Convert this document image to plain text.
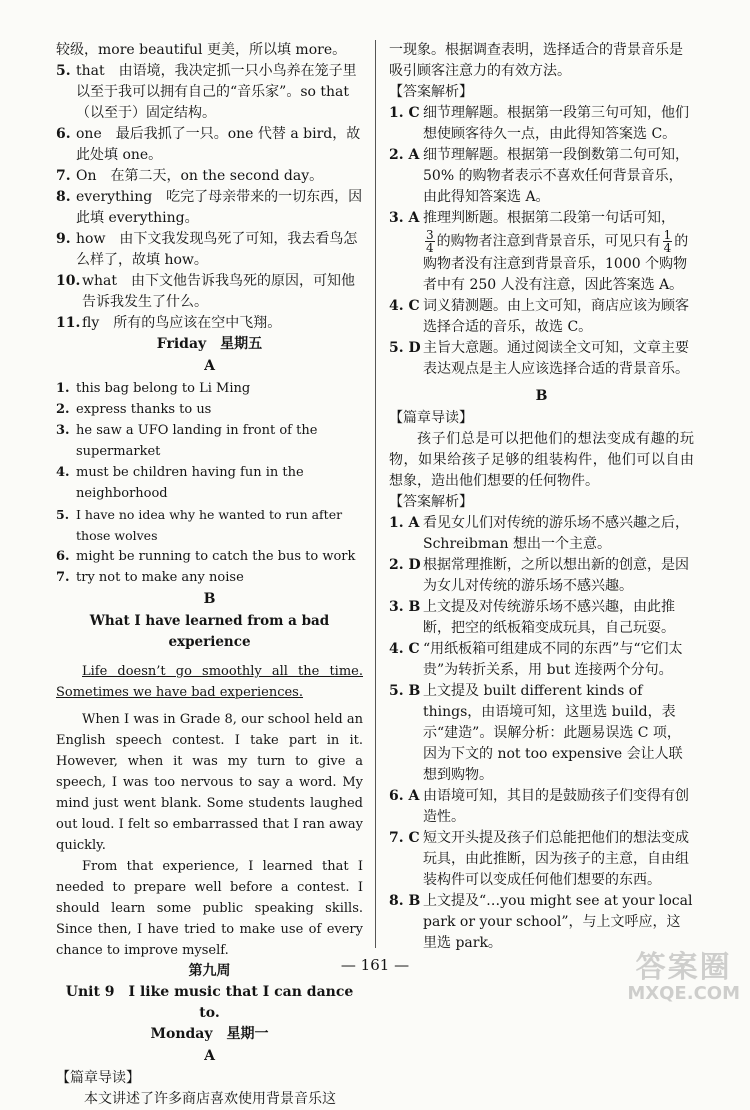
较级，more beautiful 更美，所以填 more。
5. that　由语境，我决定抓一只小鸟养在笼子里以至于我可以拥有自己的“音乐家”。so that（以至于）固定结构。
6. one　最后我抓了一只。one 代替 a bird，故此处填 one。
7. On　在第二天，on the second day。
8. everything　吃完了母亲带来的一切东西，因此填 everything。
9. how　由下文我发现鸟死了可知，我去看鸟怎么样了，故填 how。
10. what　由下文他告诉我鸟死的原因，可知他告诉我发生了什么。
11. fly　所有的鸟应该在空中飞翔。
Friday　星期五
A
1. this bag belong to Li Ming
2. express thanks to us
3. he saw a UFO landing in front of the supermarket
4. must be children having fun in the neighborhood
5. I have no idea why he wanted to run after those wolves
6. might be running to catch the bus to work
7. try not to make any noise
B
What I have learned from a bad experience
Life doesn’t go smoothly all the time. Sometimes we have bad experiences.
When I was in Grade 8, our school held an English speech contest. I take part in it. However, when it was my turn to give a speech, I was too nervous to say a word. My mind just went blank. Some students laughed out loud. I felt so embarrassed that I ran away quickly.
From that experience, I learned that I needed to prepare well before a contest. I should learn some public speaking skills. Since then, I have tried to make use of every chance to improve myself.
第九周
Unit 9　I like music that I can dance to.
Monday　星期一
A
【篇章导读】
本文讲述了许多商店喜欢使用背景音乐这
一现象。根据调查表明，选择适合的背景音乐是吸引顾客注意力的有效方法。
【答案解析】
1. C 细节理解题。根据第一段第三句可知，他们想使顾客待久一点，由此得知答案选 C。
2. A 细节理解题。根据第一段倒数第二句可知，50% 的购物者表示不喜欢任何背景音乐，由此得知答案选 A。
3. A 推理判断题。根据第二段第一句话可知，

$\frac{3}{4}$ 的购物者注意到背景音乐，可见只有 $\frac{1}{4}$ 的购物者没有注意到背景音乐，1000 个购物者中有 250 人没有注意，因此答案选 A。
4. C 词义猜测题。由上文可知，商店应该为顾客选择合适的音乐，故选 C。
5. D 主旨大意题。通过阅读全文可知，文章主要表达观点是主人应该选择合适的背景音乐。
B
【篇章导读】
孩子们总是可以把他们的想法变成有趣的玩物，如果给孩子足够的组装构件，他们可以自由想象，造出他们想要的任何物件。
【答案解析】
1. A 看见女儿们对传统的游乐场不感兴趣之后，Schreibman 想出一个主意。
2. D 根据常理推断，之所以想出新的创意，是因为女儿对传统的游乐场不感兴趣。
3. B 上文提及对传统游乐场不感兴趣，由此推断，把空的纸板箱变成玩具，自己玩耍。
4. C “用纸板箱可组建成不同的东西”与“它们太贵”为转折关系，用 but 连接两个分句。
5. B 上文提及 built different kinds of things，由语境可知，这里选 build，表示“建造”。误解分析：此题易误选 C 项，因为下文的 not too expensive 会让人联想到购物。
6. A 由语境可知，其目的是鼓励孩子们变得有创造性。
7. C 短文开头提及孩子们总能把他们的想法变成玩具，由此推断，因为孩子的主意，自由组装构件可以变成任何他们想要的东西。
8. B 上文提及“…you might see at your local park or your school”，与上文呼应，这里选 park。
— 161 —	答案圈
MXQE.COM
